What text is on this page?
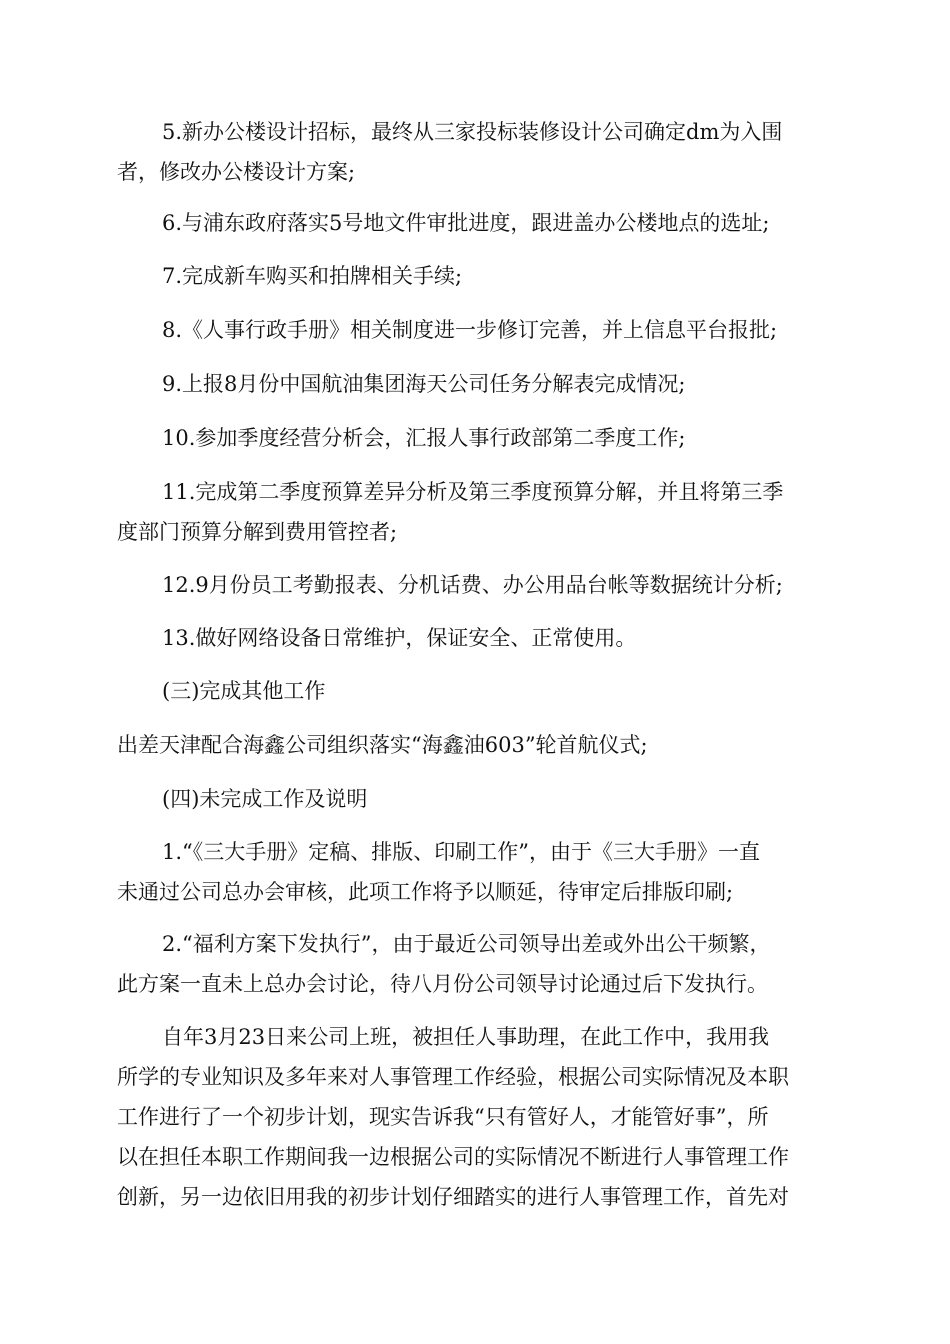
5.新办公楼设计招标，最终从三家投标装修设计公司确定dm为入围
者，修改办公楼设计方案;
6.与浦东政府落实5号地文件审批进度，跟进盖办公楼地点的选址;
7.完成新车购买和拍牌相关手续;
8.《人事行政手册》相关制度进一步修订完善，并上信息平台报批;
9.上报8月份中国航油集团海天公司任务分解表完成情况;
10.参加季度经营分析会，汇报人事行政部第二季度工作;
11.完成第二季度预算差异分析及第三季度预算分解，并且将第三季
度部门预算分解到费用管控者;
12.9月份员工考勤报表、分机话费、办公用品台帐等数据统计分析;
13.做好网络设备日常维护，保证安全、正常使用。
(三)完成其他工作
出差天津配合海鑫公司组织落实“海鑫油603”轮首航仪式;
(四)未完成工作及说明
1.“《三大手册》定稿、排版、印刷工作”，由于《三大手册》一直
未通过公司总办会审核，此项工作将予以顺延，待审定后排版印刷;
2.“福利方案下发执行”，由于最近公司领导出差或外出公干频繁，
此方案一直未上总办会讨论，待八月份公司领导讨论通过后下发执行。
自年3月23日来公司上班，被担任人事助理，在此工作中，我用我
所学的专业知识及多年来对人事管理工作经验，根据公司实际情况及本职
工作进行了一个初步计划，现实告诉我“只有管好人，才能管好事”，所
以在担任本职工作期间我一边根据公司的实际情况不断进行人事管理工作
创新，另一边依旧用我的初步计划仔细踏实的进行人事管理工作，首先对
